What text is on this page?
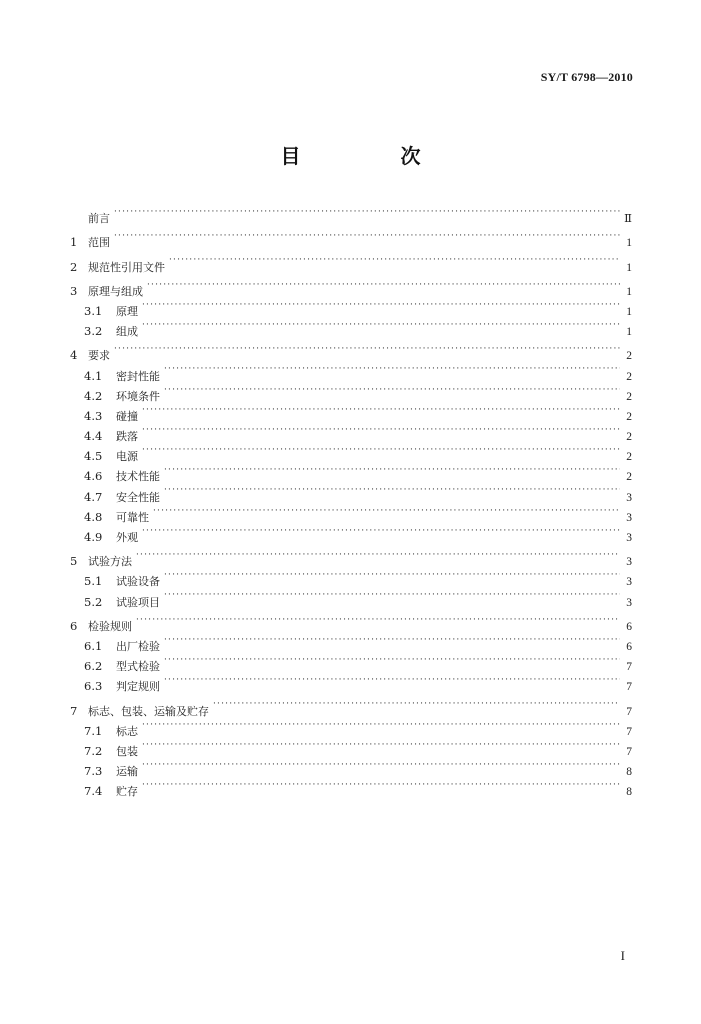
SY/T 6798—2010
目　次
前言 ·····	Ⅱ
1 范围 ·····	1
2 规范性引用文件 ·····	1
3 原理与组成 ·····	1
3.1	原理 ·····	1
3.2	组成 ·····	1
4 要求 ·····	2
4.1	密封性能 ·····	2
4.2	环境条件 ·····	2
4.3	碰撞 ·····	2
4.4	跌落 ·····	2
4.5	电源 ·····	2
4.6	技术性能 ·····	2
4.7	安全性能 ·····	3
4.8	可靠性 ·····	3
4.9	外观 ·····	3
5 试验方法 ·····	3
5.1	试验设备 ·····	3
5.2	试验项目 ·····	3
6 检验规则 ·····	6
6.1	出厂检验 ·····	6
6.2	型式检验 ·····	7
6.3	判定规则 ·····	7
7 标志、包装、运输及贮存 ·····	7
7.1	标志 ·····	7
7.2	包装 ·····	7
7.3	运输 ·····	8
7.4	贮存 ·····	8
I
